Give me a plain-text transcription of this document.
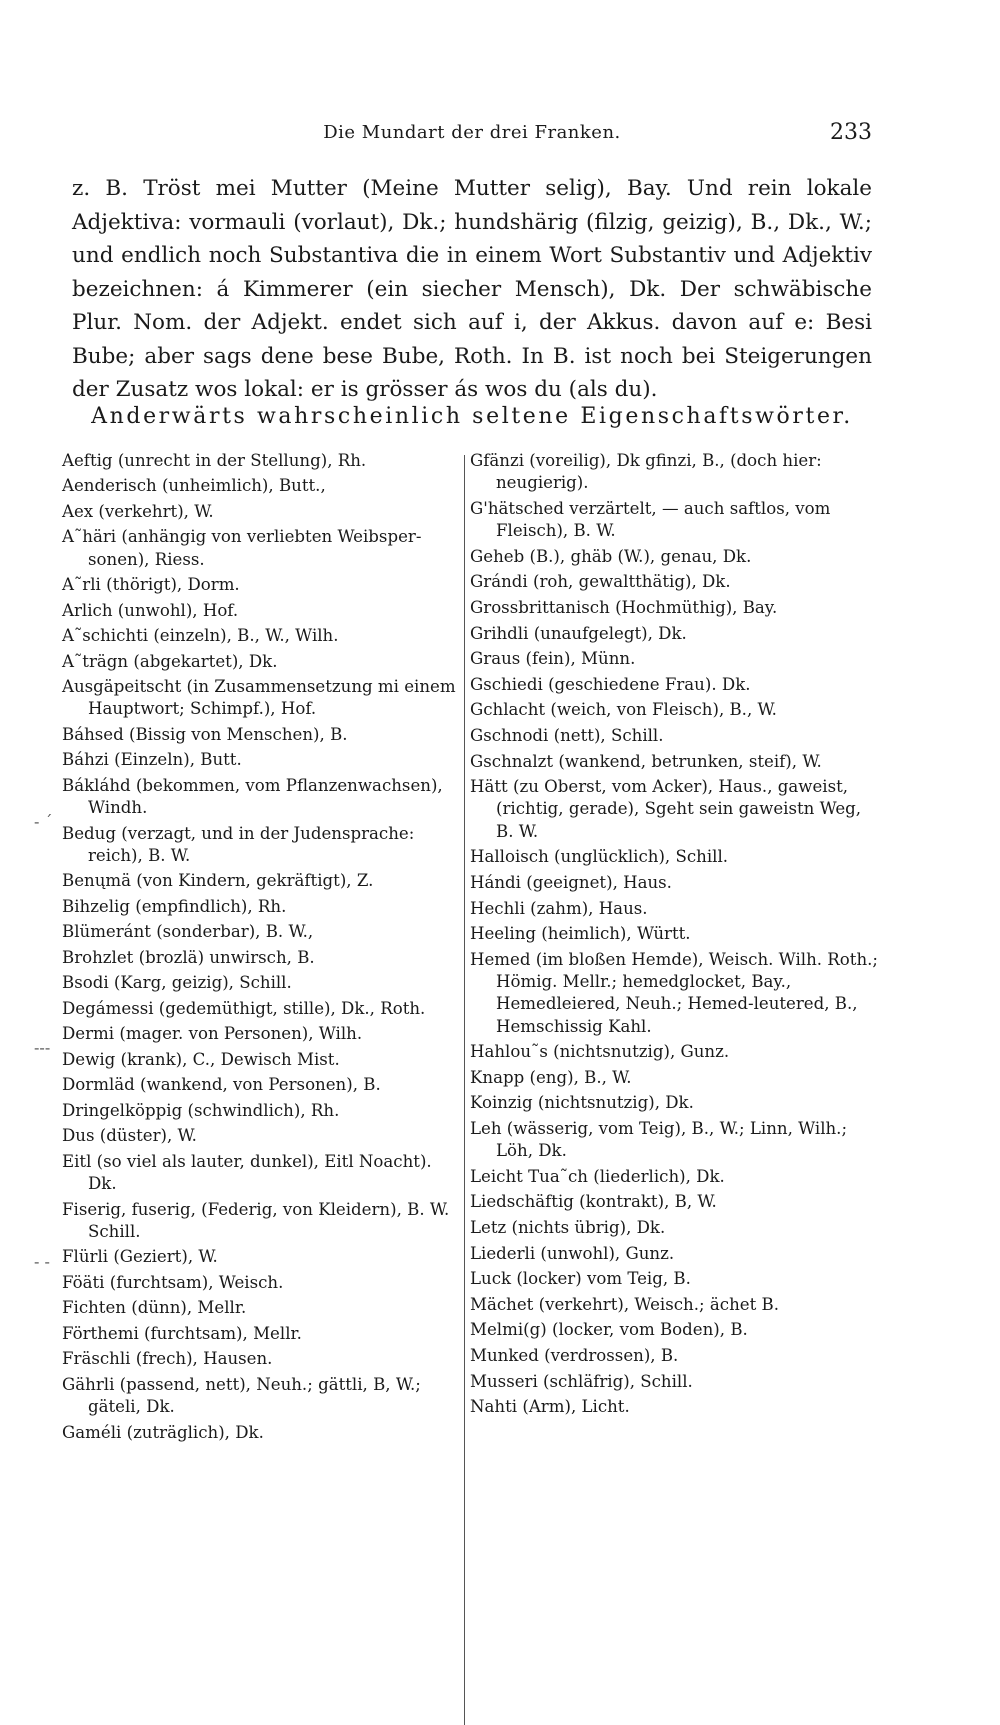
Die Mundart der drei Franken.	233

z. B. Tröst mei Mutter (Meine Mutter selig), Bay. Und rein lokale Adjektiva: vormauli (vorlaut), Dk.; hundshärig (filzig, geizig), B., Dk., W.; und endlich noch Substantiva die in einem Wort Substantiv und Adjektiv bezeichnen: á Kimmerer (ein siecher Mensch), Dk. Der schwäbische Plur. Nom. der Adjekt. endet sich auf i, der Akkus. davon auf e: Besi Bube; aber sags dene bese Bube, Roth. In B. ist noch bei Steigerungen der Zusatz wos lokal: er is grösser ás wos du (als du).

Anderwärts wahrscheinlich seltene Eigenschaftswörter.

Aeftig (unrecht in der Stellung), Rh.

Aenderisch (unheimlich), Butt.,

Aex (verkehrt), W.

A˜häri (anhängig von verliebten Weibsper-sonen), Riess.

A˜rli (thörigt), Dorm.

Arlich (unwohl), Hof.

A˜schichti (einzeln), B., W., Wilh.

A˜trägn (abgekartet), Dk.

Ausgäpeitscht (in Zusammensetzung mi einem Hauptwort; Schimpf.), Hof.

Báhsed (Bissig von Menschen), B.

Báhzi (Einzeln), Butt.

Bákláhd (bekommen, vom Pflanzenwachsen), Windh.

Bedug (verzagt, und in der Judensprache: reich), B. W.

Benųmä (von Kindern, gekräftigt), Z.

Bihzelig (empfindlich), Rh.

Blümeránt (sonderbar), B. W.,

Brohzlet (brozlä) unwirsch, B.

Bsodi (Karg, geizig), Schill.

Degámessi (gedemüthigt, stille), Dk., Roth.

Dermi (mager. von Personen), Wilh.

Dewig (krank), C., Dewisch Mist.

Dormläd (wankend, von Personen), B.

Dringelköppig (schwindlich), Rh.

Dus (düster), W.

Eitl (so viel als lauter, dunkel), Eitl Noacht). Dk.

Fiserig, fuserig, (Federig, von Kleidern), B. W. Schill.

Flürli (Geziert), W.

Föäti (furchtsam), Weisch.

Fichten (dünn), Mellr.

Förthemi (furchtsam), Mellr.

Fräschli (frech), Hausen.

Gährli (passend, nett), Neuh.; gättli, B, W.; gäteli, Dk.

Gaméli (zuträglich), Dk.

Gfänzi (voreilig), Dk gfinzi, B., (doch hier: neugierig).

G'hätsched verzärtelt, — auch saftlos, vom Fleisch), B. W.

Geheb (B.), ghäb (W.), genau, Dk.

Grándi (roh, gewaltthätig), Dk.

Grossbrittanisch (Hochmüthig), Bay.

Grihdli (unaufgelegt), Dk.

Graus (fein), Münn.

Gschiedi (geschiedene Frau). Dk.

Gchlacht (weich, von Fleisch), B., W.

Gschnodi (nett), Schill.

Gschnalzt (wankend, betrunken, steif), W.

Hätt (zu Oberst, vom Acker), Haus., gaweist, (richtig, gerade), Sgeht sein gaweistn Weg, B. W.

Halloisch (unglücklich), Schill.

Hándi (geeignet), Haus.

Hechli (zahm), Haus.

Heeling (heimlich), Württ.

Hemed (im bloßen Hemde), Weisch. Wilh. Roth.; Hömig. Mellr.; hemedglocket, Bay., Hemedleiered, Neuh.; Hemed-leutered, B., Hemschissig Kahl.

Hahlou˜s (nichtsnutzig), Gunz.

Knapp (eng), B., W.

Koinzig (nichtsnutzig), Dk.

Leh (wässerig, vom Teig), B., W.; Linn, Wilh.; Löh, Dk.

Leicht Tua˜ch (liederlich), Dk.

Liedschäftig (kontrakt), B, W.

Letz (nichts übrig), Dk.

Liederli (unwohl), Gunz.

Luck (locker) vom Teig, B.

Mächet (verkehrt), Weisch.; ächet B.

Melmi(g) (locker, vom Boden), B.

Munked (verdrossen), B.

Musseri (schläfrig), Schill.

Nahti (Arm), Licht.

‑ ´
‑‑‑
‑ ‑
